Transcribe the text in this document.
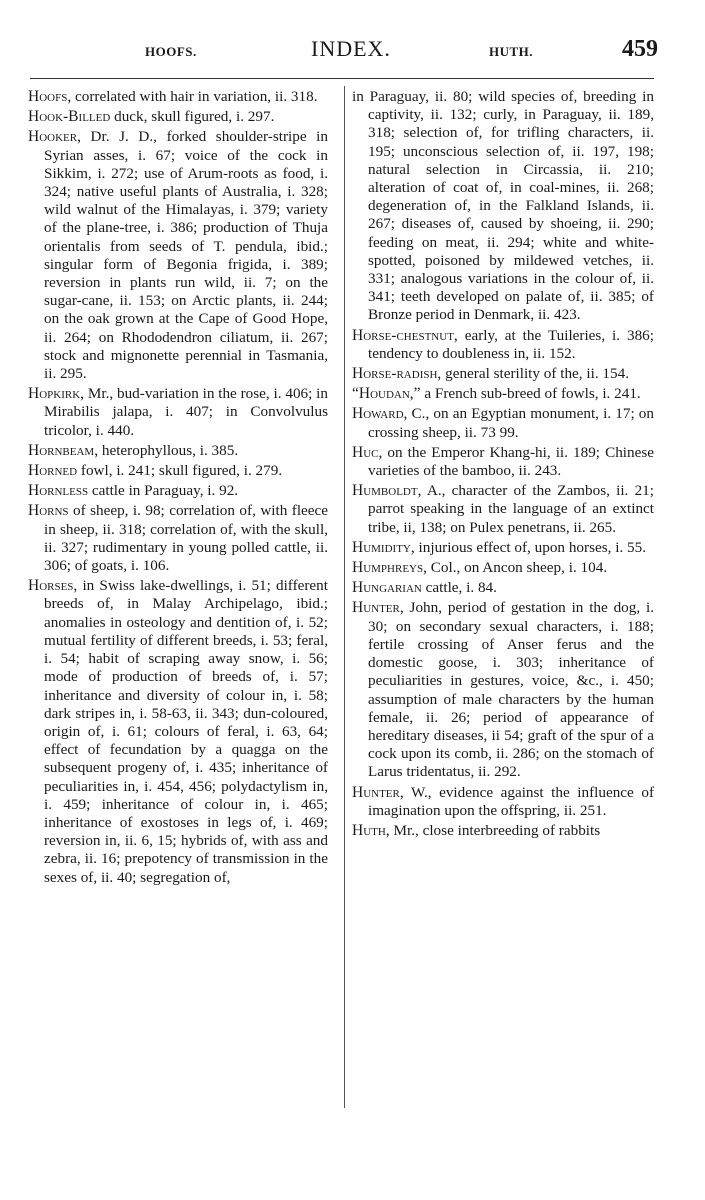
HOOFS.	INDEX.	HUTH.	459

Hoofs, correlated with hair in variation, ii. 318.

Hook-Billed duck, skull figured, i. 297.

Hooker, Dr. J. D., forked shoulder-stripe in Syrian asses, i. 67; voice of the cock in Sikkim, i. 272; use of Arum-roots as food, i. 324; native useful plants of Australia, i. 328; wild walnut of the Himalayas, i. 379; variety of the plane-tree, i. 386; production of Thuja orientalis from seeds of T. pendula, ibid.; singular form of Begonia frigida, i. 389; reversion in plants run wild, ii. 7; on the sugar-cane, ii. 153; on Arctic plants, ii. 244; on the oak grown at the Cape of Good Hope, ii. 264; on Rhododendron ciliatum, ii. 267; stock and mignonette perennial in Tasmania, ii. 295.

Hopkirk, Mr., bud-variation in the rose, i. 406; in Mirabilis jalapa, i. 407; in Convolvulus tricolor, i. 440.

Hornbeam, heterophyllous, i. 385.

Horned fowl, i. 241; skull figured, i. 279.

Hornless cattle in Paraguay, i. 92.

Horns of sheep, i. 98; correlation of, with fleece in sheep, ii. 318; correlation of, with the skull, ii. 327; rudimentary in young polled cattle, ii. 306; of goats, i. 106.

Horses, in Swiss lake-dwellings, i. 51; different breeds of, in Malay Archipelago, ibid.; anomalies in osteology and dentition of, i. 52; mutual fertility of different breeds, i. 53; feral, i. 54; habit of scraping away snow, i. 56; mode of production of breeds of, i. 57; inheritance and diversity of colour in, i. 58; dark stripes in, i. 58-63, ii. 343; dun-coloured, origin of, i. 61; colours of feral, i. 63, 64; effect of fecundation by a quagga on the subsequent progeny of, i. 435; inheritance of peculiarities in, i. 454, 456; polydactylism in, i. 459; inheritance of colour in, i. 465; inheritance of exostoses in legs of, i. 469; reversion in, ii. 6, 15; hybrids of, with ass and zebra, ii. 16; prepotency of transmission in the sexes of, ii. 40; segregation of,

in Paraguay, ii. 80; wild species of, breeding in captivity, ii. 132; curly, in Paraguay, ii. 189, 318; selection of, for trifling characters, ii. 195; unconscious selection of, ii. 197, 198; natural selection in Circassia, ii. 210; alteration of coat of, in coal-mines, ii. 268; degeneration of, in the Falkland Islands, ii. 267; diseases of, caused by shoeing, ii. 290; feeding on meat, ii. 294; white and white-spotted, poisoned by mildewed vetches, ii. 331; analogous variations in the colour of, ii. 341; teeth developed on palate of, ii. 385; of Bronze period in Denmark, ii. 423.

Horse-chestnut, early, at the Tuileries, i. 386; tendency to doubleness in, ii. 152.

Horse-radish, general sterility of the, ii. 154.

“Houdan,” a French sub-breed of fowls, i. 241.

Howard, C., on an Egyptian monument, i. 17; on crossing sheep, ii. 73 99.

Huc, on the Emperor Khang-hi, ii. 189; Chinese varieties of the bamboo, ii. 243.

Humboldt, A., character of the Zambos, ii. 21; parrot speaking in the language of an extinct tribe, ii, 138; on Pulex penetrans, ii. 265.

Humidity, injurious effect of, upon horses, i. 55.

Humphreys, Col., on Ancon sheep, i. 104.

Hungarian cattle, i. 84.

Hunter, John, period of gestation in the dog, i. 30; on secondary sexual characters, i. 188; fertile crossing of Anser ferus and the domestic goose, i. 303; inheritance of peculiarities in gestures, voice, &c., i. 450; assumption of male characters by the human female, ii. 26; period of appearance of hereditary diseases, ii 54; graft of the spur of a cock upon its comb, ii. 286; on the stomach of Larus tridentatus, ii. 292.

Hunter, W., evidence against the influence of imagination upon the offspring, ii. 251.

Huth, Mr., close interbreeding of rabbits
